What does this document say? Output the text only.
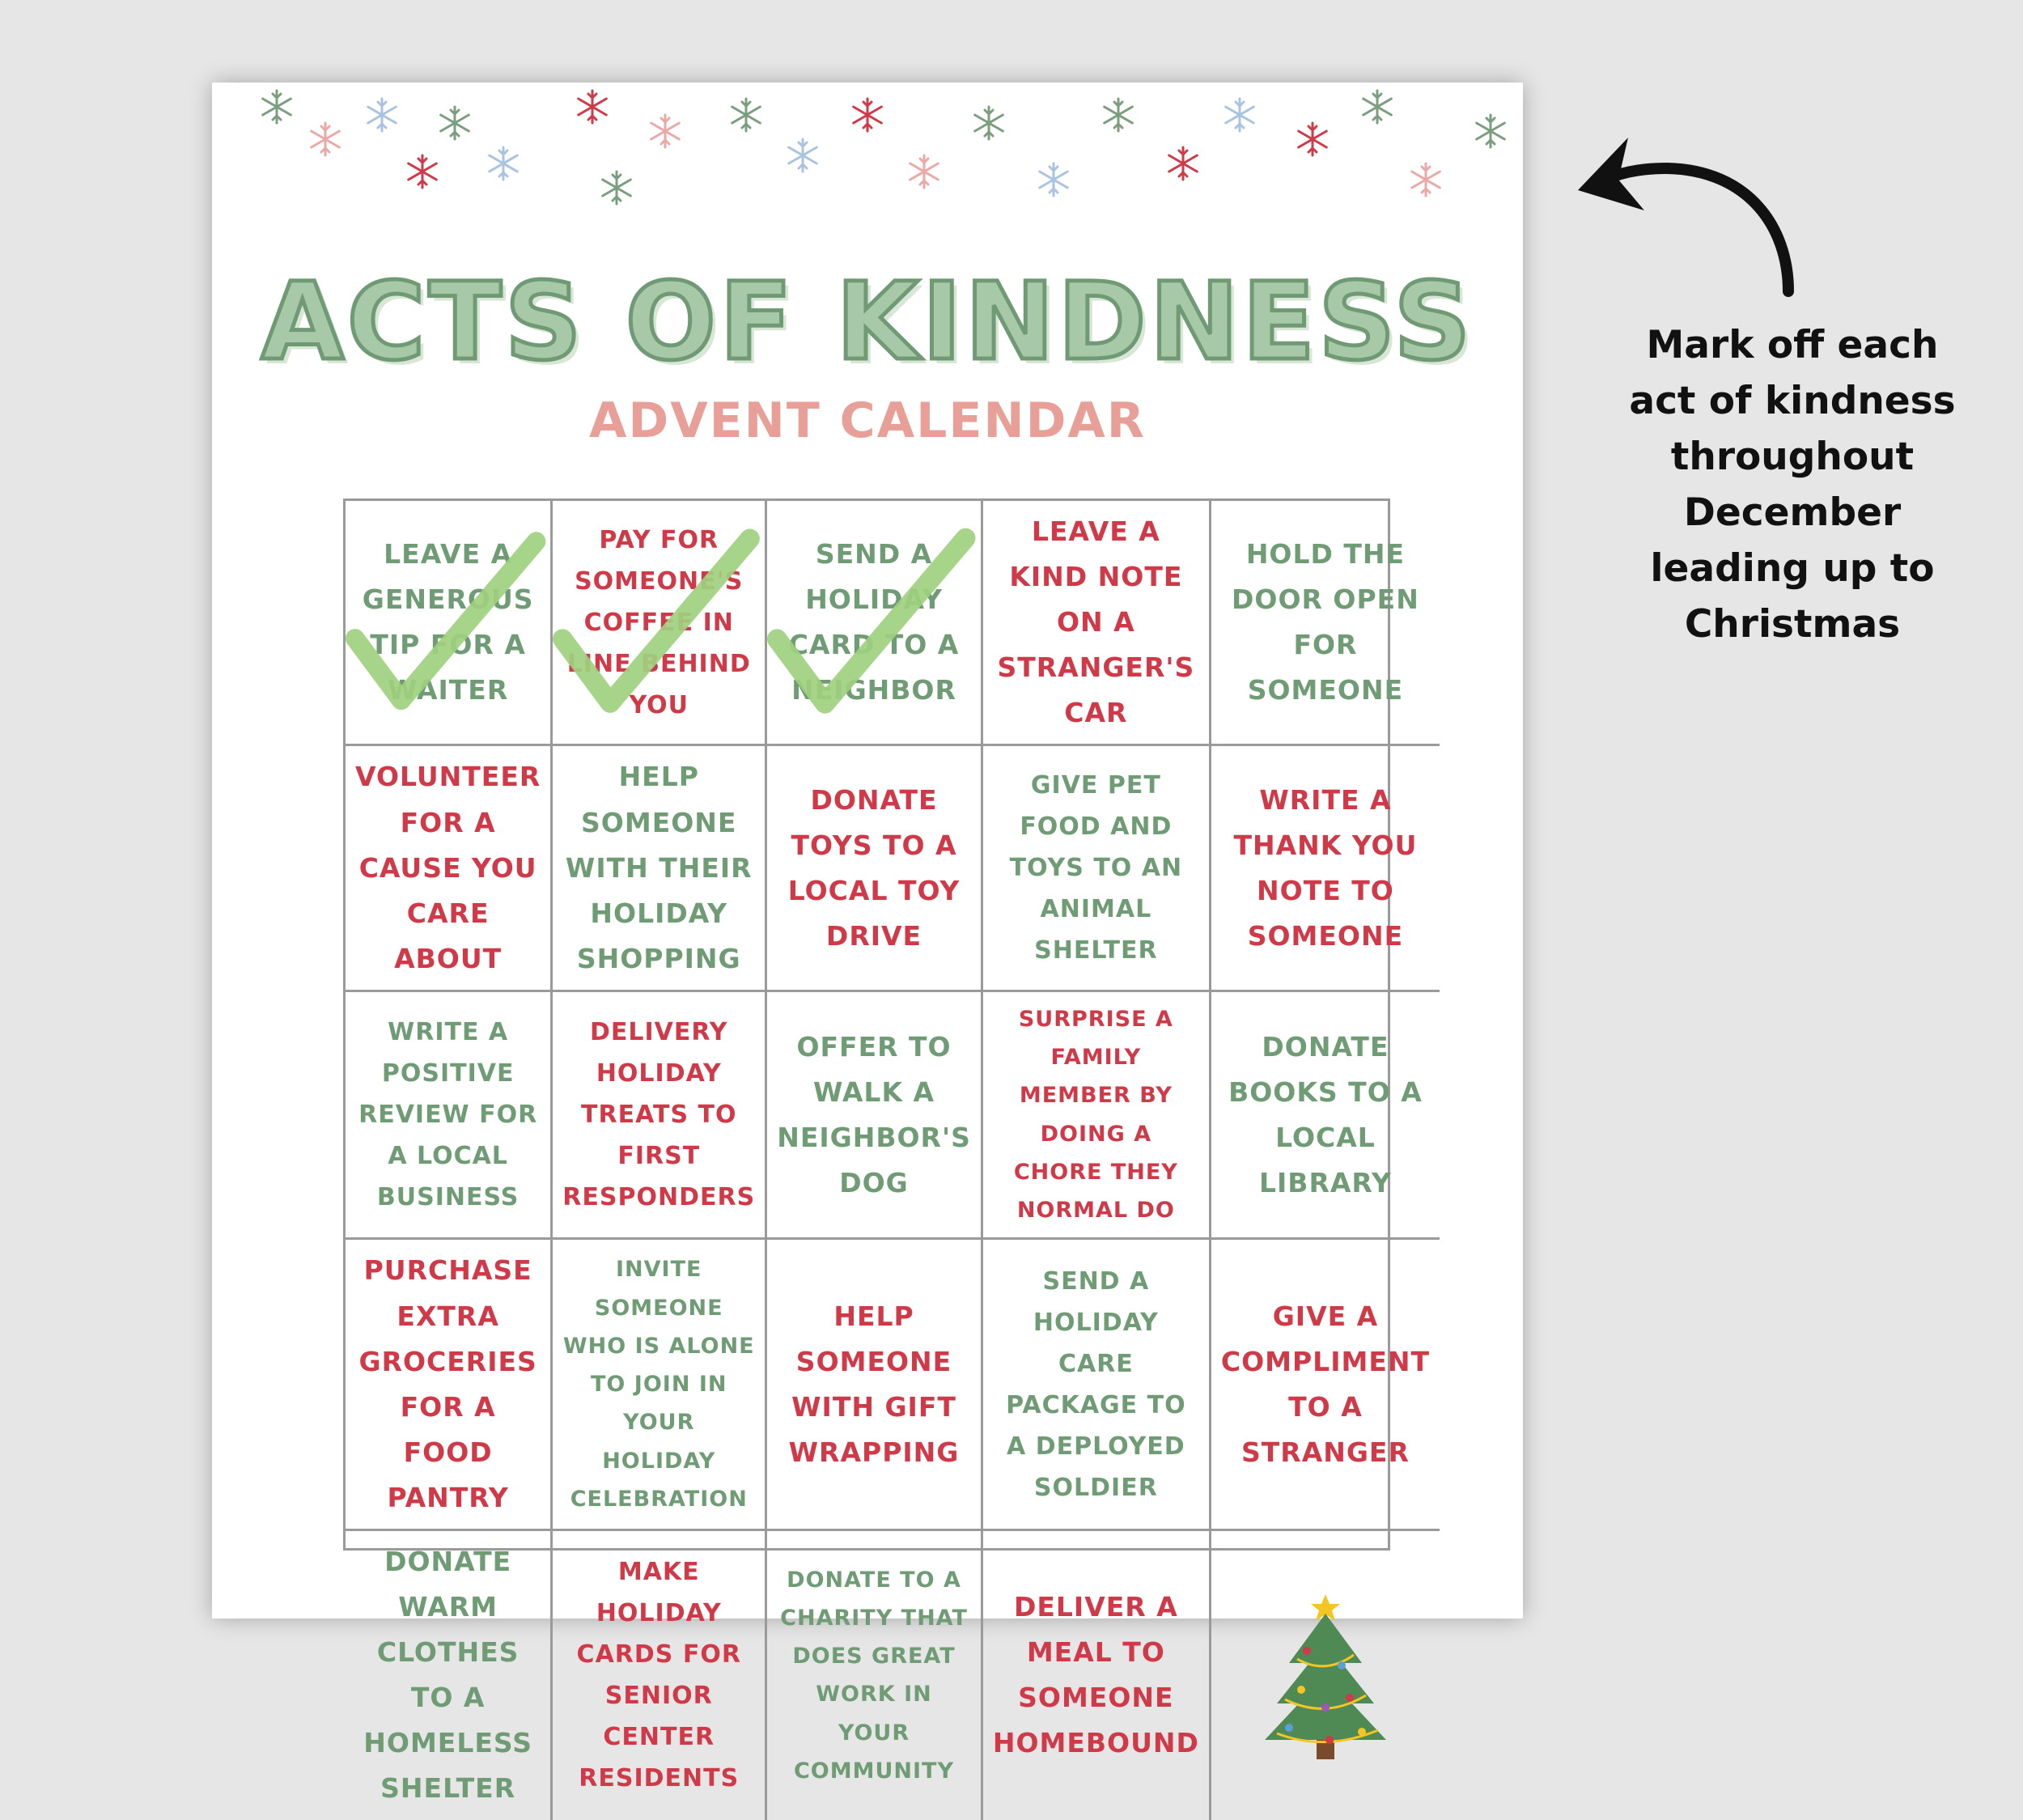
ACTS OF KINDNESS
ADVENT CALENDAR
LEAVE A GENEROUS TIP FOR A WAITER
PAY FOR SOMEONE'S COFFEE IN LINE BEHIND YOU
SEND A HOLIDAY CARD TO A NEIGHBOR
LEAVE A KIND NOTE ON A STRANGER'S CAR
HOLD THE DOOR OPEN FOR SOMEONE
VOLUNTEER FOR A CAUSE YOU CARE ABOUT
HELP SOMEONE WITH THEIR HOLIDAY SHOPPING
DONATE TOYS TO A LOCAL TOY DRIVE
GIVE PET FOOD AND TOYS TO AN ANIMAL SHELTER
WRITE A THANK YOU NOTE TO SOMEONE
WRITE A POSITIVE REVIEW FOR A LOCAL BUSINESS
DELIVERY HOLIDAY TREATS TO FIRST RESPONDERS
OFFER TO WALK A NEIGHBOR'S DOG
SURPRISE A FAMILY MEMBER BY DOING A CHORE THEY NORMAL DO
DONATE BOOKS TO A LOCAL LIBRARY
PURCHASE EXTRA GROCERIES FOR A FOOD PANTRY
INVITE SOMEONE WHO IS ALONE TO JOIN IN YOUR HOLIDAY CELEBRATION
HELP SOMEONE WITH GIFT WRAPPING
SEND A HOLIDAY CARE PACKAGE TO A DEPLOYED SOLDIER
GIVE A COMPLIMENT TO A STRANGER
DONATE WARM CLOTHES TO A HOMELESS SHELTER
MAKE HOLIDAY CARDS FOR SENIOR CENTER RESIDENTS
DONATE TO A CHARITY THAT DOES GREAT WORK IN YOUR COMMUNITY
DELIVER A MEAL TO SOMEONE HOMEBOUND
Mark off each act of kindness throughout December leading up to Christmas
